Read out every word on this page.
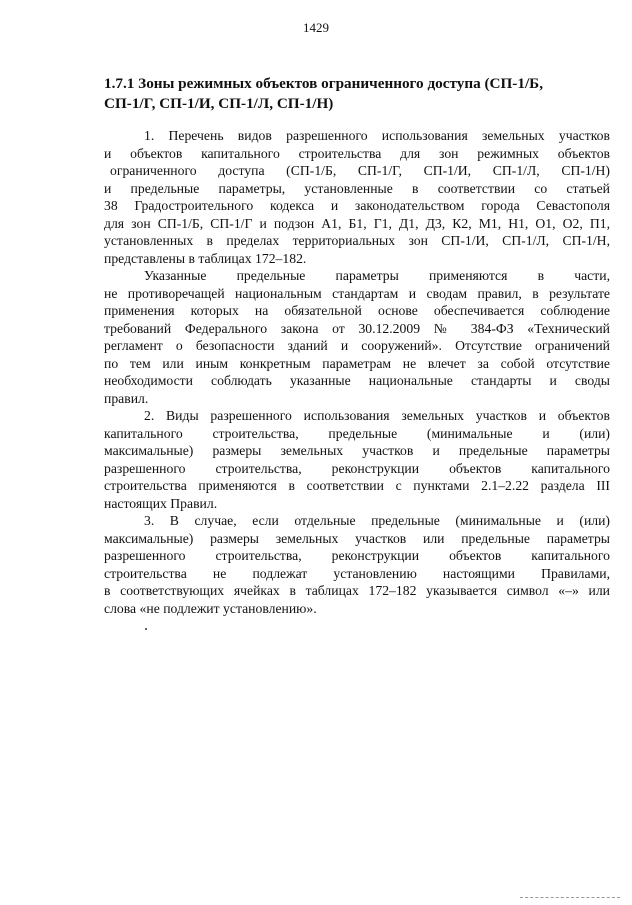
1429
1.7.1 Зоны режимных объектов ограниченного доступа (СП-1/Б,
СП-1/Г, СП-1/И, СП-1/Л, СП-1/Н)

1. Перечень видов разрешенного использования земельных участков
и объектов капитального строительства для зон режимных объектов
ограниченного доступа (СП-1/Б, СП-1/Г, СП-1/И, СП-1/Л, СП-1/Н)
и предельные параметры, установленные в соответствии со статьей
38 Градостроительного кодекса и законодательством города Севастополя
для зон СП-1/Б, СП-1/Г и подзон А1, Б1, Г1, Д1, Д3, К2, М1, Н1, О1, О2, П1,
установленных в пределах территориальных зон СП-1/И, СП-1/Л, СП-1/Н,
представлены в таблицах 172–182.

Указанные предельные параметры применяются в части,
не противоречащей национальным стандартам и сводам правил, в результате
применения которых на обязательной основе обеспечивается соблюдение
требований Федерального закона от 30.12.2009 № 384-ФЗ «Технический
регламент о безопасности зданий и сооружений». Отсутствие ограничений
по тем или иным конкретным параметрам не влечет за собой отсутствие
необходимости соблюдать указанные национальные стандарты и своды
правил.

2. Виды разрешенного использования земельных участков и объектов
капитального строительства, предельные (минимальные и (или)
максимальные) размеры земельных участков и предельные параметры
разрешенного строительства, реконструкции объектов капитального
строительства применяются в соответствии с пунктами 2.1–2.22 раздела III
настоящих Правил.

3. В случае, если отдельные предельные (минимальные и (или)
максимальные) размеры земельных участков или предельные параметры
разрешенного строительства, реконструкции объектов капитального
строительства не подлежат установлению настоящими Правилами,
в соответствующих ячейках в таблицах 172–182 указывается символ «–» или
слова «не подлежит установлению».
